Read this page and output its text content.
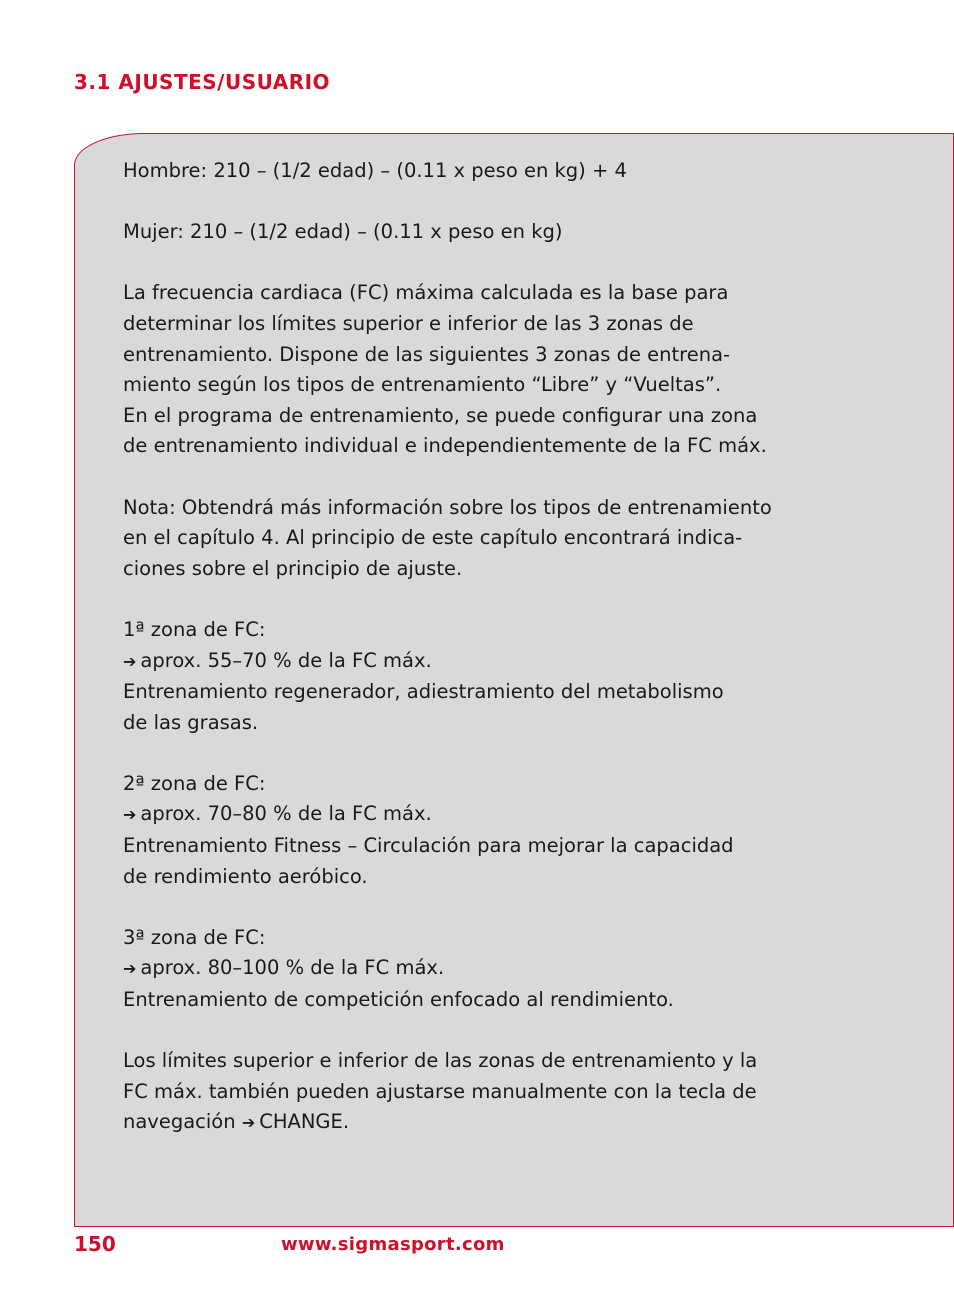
3.1 AJUSTES/USUARIO

Hombre: 210 – (1/2 edad) – (0.11 x peso en kg) + 4

Mujer: 210 – (1/2 edad) – (0.11 x peso en kg)

La frecuencia cardiaca (FC) máxima calculada es la base para
determinar los límites superior e inferior de las 3 zonas de
entrenamiento. Dispone de las siguientes 3 zonas de entrena-
miento según los tipos de entrenamiento “Libre” y “Vueltas”.
En el programa de entrenamiento, se puede configurar una zona
de entrenamiento individual e independientemente de la FC máx.

Nota: Obtendrá más información sobre los tipos de entrenamiento
en el capítulo 4. Al principio de este capítulo encontrará indica-
ciones sobre el principio de ajuste.

1ª zona de FC:
➔ aprox. 55–70 % de la FC máx.
Entrenamiento regenerador, adiestramiento del metabolismo
de las grasas.

2ª zona de FC:
➔ aprox. 70–80 % de la FC máx.
Entrenamiento Fitness – Circulación para mejorar la capacidad
de rendimiento aeróbico.

3ª zona de FC:
➔ aprox. 80–100 % de la FC máx.
Entrenamiento de competición enfocado al rendimiento.

Los límites superior e inferior de las zonas de entrenamiento y la
FC máx. también pueden ajustarse manualmente con la tecla de
navegación ➔ CHANGE.

150	www.sigmasport.com
